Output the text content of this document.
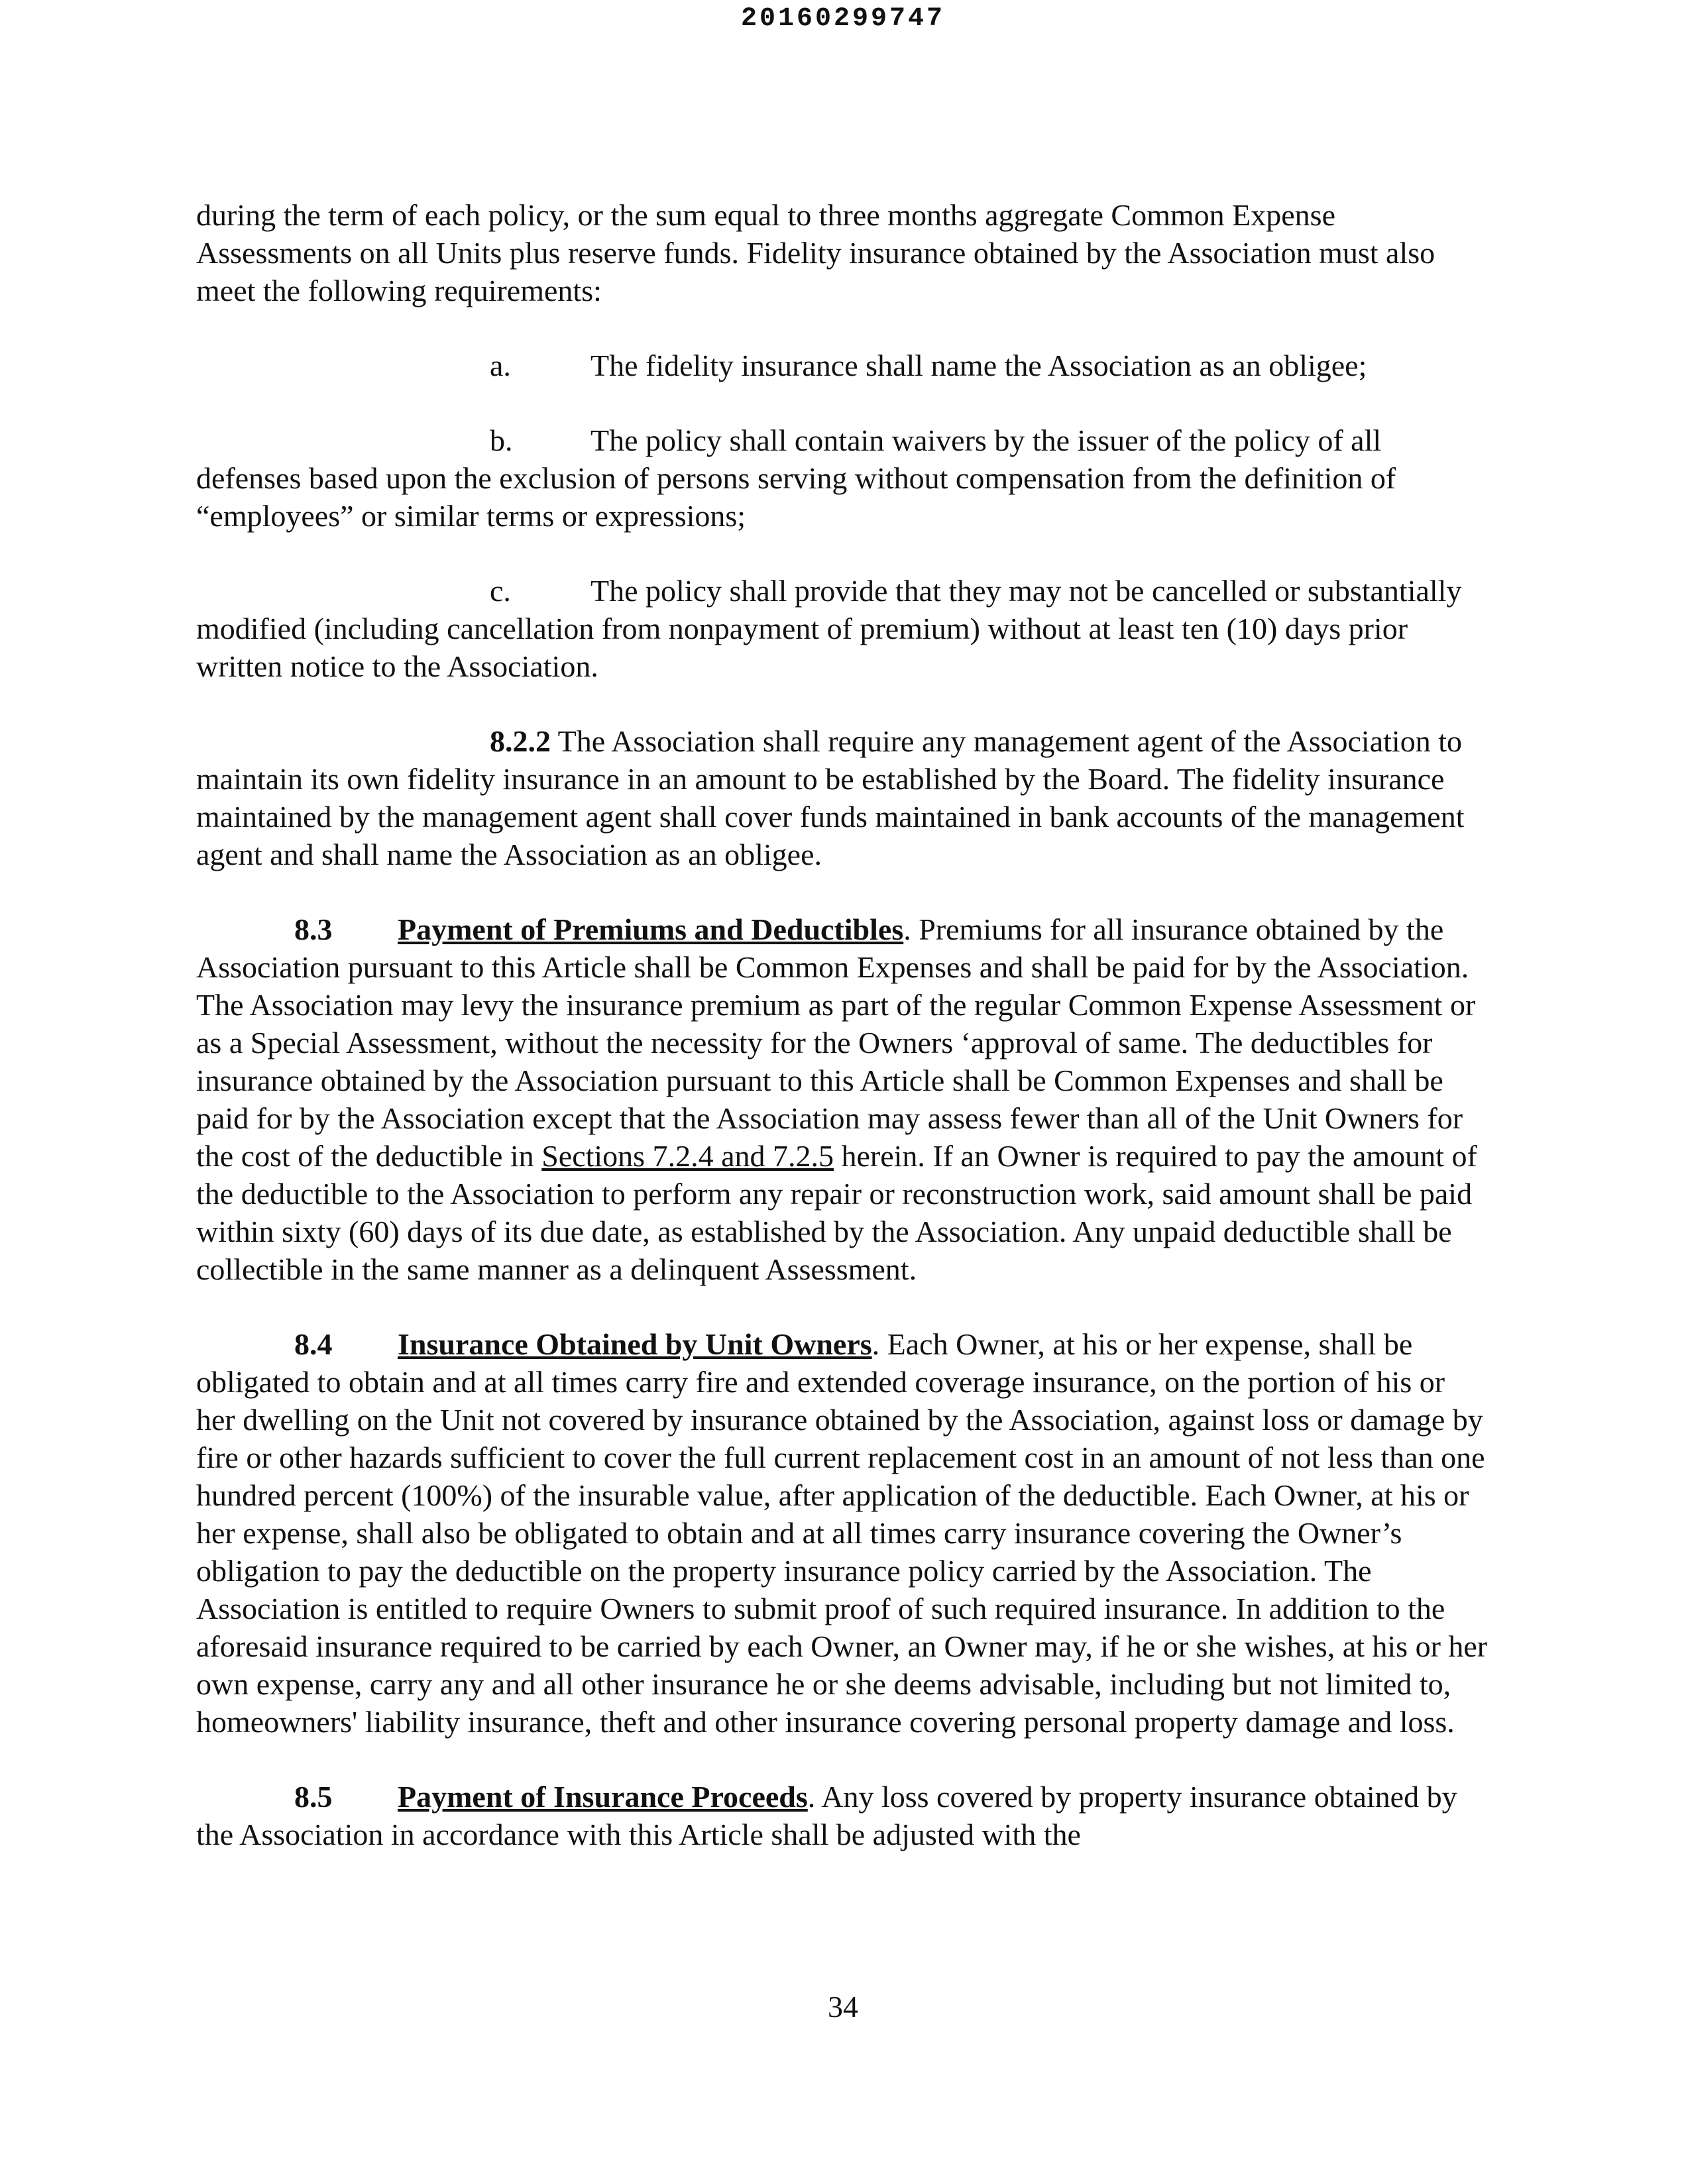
20160299747

during the term of each policy, or the sum equal to three months aggregate Common Expense Assessments on all Units plus reserve funds. Fidelity insurance obtained by the Association must also meet the following requirements:

a.	The fidelity insurance shall name the Association as an obligee;

b.	The policy shall contain waivers by the issuer of the policy of all defenses based upon the exclusion of persons serving without compensation from the definition of “employees” or similar terms or expressions;

c.	The policy shall provide that they may not be cancelled or substantially modified (including cancellation from nonpayment of premium) without at least ten (10) days prior written notice to the Association.

8.2.2 The Association shall require any management agent of the Association to maintain its own fidelity insurance in an amount to be established by the Board. The fidelity insurance maintained by the management agent shall cover funds maintained in bank accounts of the management agent and shall name the Association as an obligee.

8.3 Payment of Premiums and Deductibles. Premiums for all insurance obtained by the Association pursuant to this Article shall be Common Expenses and shall be paid for by the Association. The Association may levy the insurance premium as part of the regular Common Expense Assessment or as a Special Assessment, without the necessity for the Owners ‘approval of same. The deductibles for insurance obtained by the Association pursuant to this Article shall be Common Expenses and shall be paid for by the Association except that the Association may assess fewer than all of the Unit Owners for the cost of the deductible in Sections 7.2.4 and 7.2.5 herein. If an Owner is required to pay the amount of the deductible to the Association to perform any repair or reconstruction work, said amount shall be paid within sixty (60) days of its due date, as established by the Association. Any unpaid deductible shall be collectible in the same manner as a delinquent Assessment.

8.4 Insurance Obtained by Unit Owners. Each Owner, at his or her expense, shall be obligated to obtain and at all times carry fire and extended coverage insurance, on the portion of his or her dwelling on the Unit not covered by insurance obtained by the Association, against loss or damage by fire or other hazards sufficient to cover the full current replacement cost in an amount of not less than one hundred percent (100%) of the insurable value, after application of the deductible. Each Owner, at his or her expense, shall also be obligated to obtain and at all times carry insurance covering the Owner’s obligation to pay the deductible on the property insurance policy carried by the Association. The Association is entitled to require Owners to submit proof of such required insurance. In addition to the aforesaid insurance required to be carried by each Owner, an Owner may, if he or she wishes, at his or her own expense, carry any and all other insurance he or she deems advisable, including but not limited to, homeowners' liability insurance, theft and other insurance covering personal property damage and loss.

8.5 Payment of Insurance Proceeds. Any loss covered by property insurance obtained by the Association in accordance with this Article shall be adjusted with the

34
